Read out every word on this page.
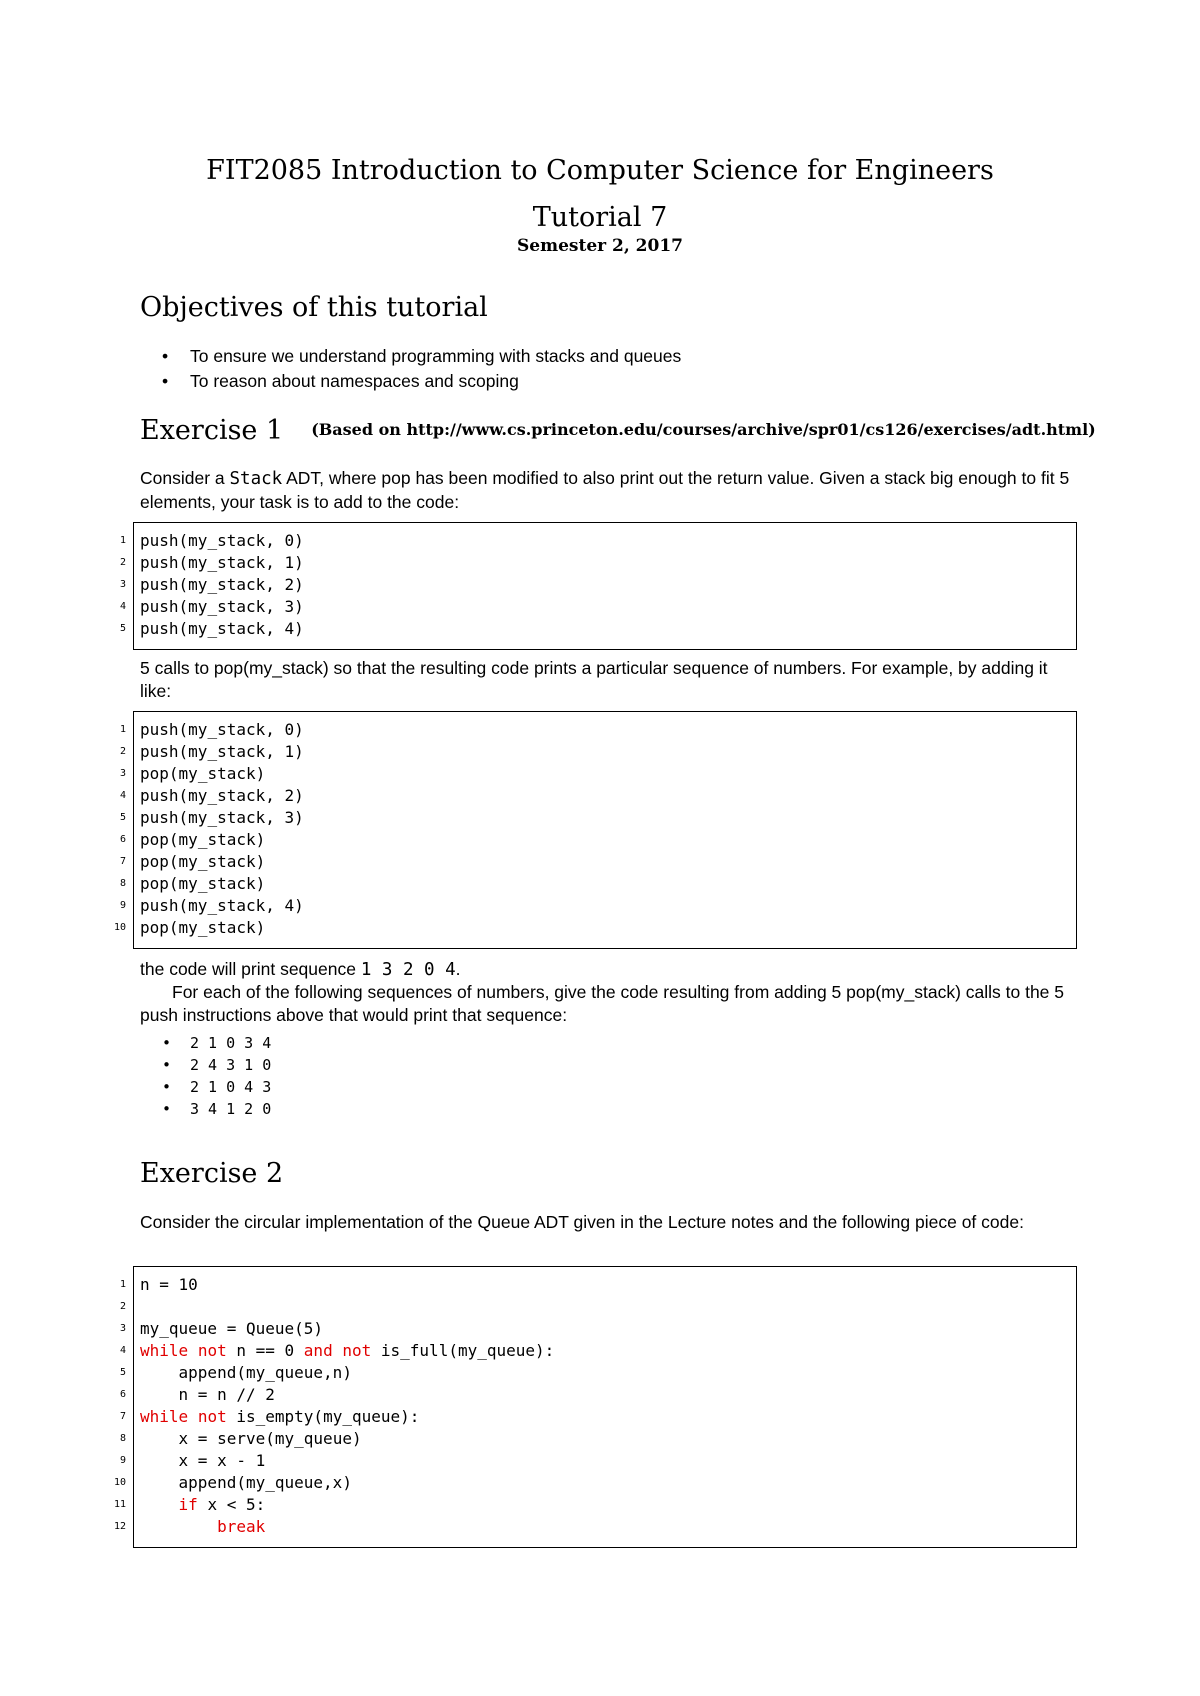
FIT2085 Introduction to Computer Science for Engineers
Tutorial 7
Semester 2, 2017
Objectives of this tutorial
• To ensure we understand programming with stacks and queues
• To reason about namespaces and scoping
Exercise 1 (Based on http://www.cs.princeton.edu/courses/archive/spr01/cs126/exercises/adt.html)
Consider a Stack ADT, where pop has been modified to also print out the return value. Given a stack big enough to fit 5 elements, your task is to add to the code:
1 push(my_stack, 0)
2 push(my_stack, 1)
3 push(my_stack, 2)
4 push(my_stack, 3)
5 push(my_stack, 4)
5 calls to pop(my_stack) so that the resulting code prints a particular sequence of numbers. For example, by adding it like:
1 push(my_stack, 0)
2 push(my_stack, 1)
3 pop(my_stack)
4 push(my_stack, 2)
5 push(my_stack, 3)
6 pop(my_stack)
7 pop(my_stack)
8 pop(my_stack)
9 push(my_stack, 4)
10 pop(my_stack)
the code will print sequence 1 3 2 0 4.
For each of the following sequences of numbers, give the code resulting from adding 5 pop(my_stack) calls to the 5 push instructions above that would print that sequence:
• 2 1 0 3 4
• 2 4 3 1 0
• 2 1 0 4 3
• 3 4 1 2 0
Exercise 2
Consider the circular implementation of the Queue ADT given in the Lecture notes and the following piece of code:
1 n = 10
2
3 my_queue = Queue(5)
4 while not n == 0 and not is_full(my_queue):
5	append(my_queue,n)
6	n = n // 2
7 while not is_empty(my_queue):
8	x = serve(my_queue)
9	x = x - 1
10	append(my_queue,x)
11	if x < 5:
12	break
